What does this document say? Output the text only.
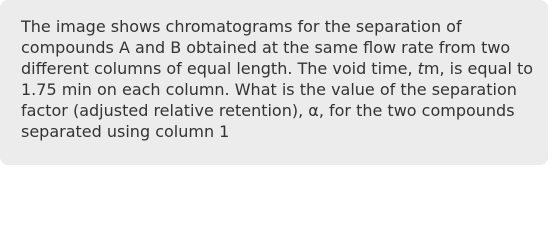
The image shows chromatograms for the separation of
compounds A and B obtained at the same flow rate from two
different columns of equal length. The void time, tm, is equal to
1.75 min on each column. What is the value of the separation
factor (adjusted relative retention), α, for the two compounds
separated using column 1
